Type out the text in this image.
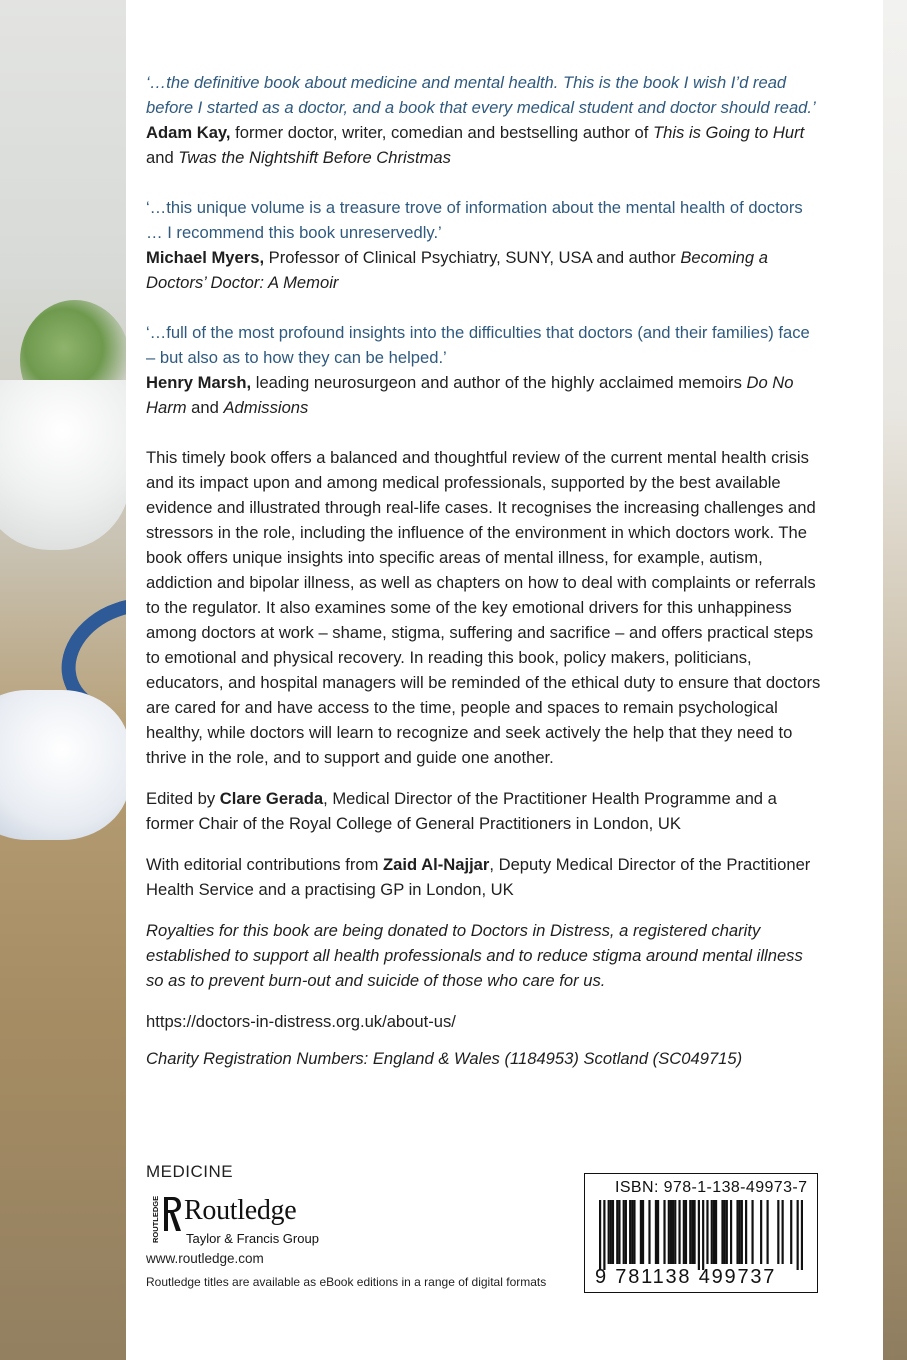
‘…the definitive book about medicine and mental health. This is the book I wish I’d read before I started as a doctor, and a book that every medical student and doctor should read.’

Adam Kay, former doctor, writer, comedian and bestselling author of This is Going to Hurt and Twas the Nightshift Before Christmas

‘…this unique volume is a treasure trove of information about the mental health of doctors … I recommend this book unreservedly.’

Michael Myers, Professor of Clinical Psychiatry, SUNY, USA and author Becoming a Doctors’ Doctor: A Memoir

‘…full of the most profound insights into the difficulties that doctors (and their families) face – but also as to how they can be helped.’

Henry Marsh, leading neurosurgeon and author of the highly acclaimed memoirs Do No Harm and Admissions

This timely book offers a balanced and thoughtful review of the current mental health crisis and its impact upon and among medical professionals, supported by the best available evidence and illustrated through real-life cases. It recognises the increasing challenges and stressors in the role, including the influence of the environment in which doctors work. The book offers unique insights into specific areas of mental illness, for example, autism, addiction and bipolar illness, as well as chapters on how to deal with complaints or referrals to the regulator. It also examines some of the key emotional drivers for this unhappiness among doctors at work – shame, stigma, suffering and sacrifice – and offers practical steps to emotional and physical recovery. In reading this book, policy makers, politicians, educators, and hospital managers will be reminded of the ethical duty to ensure that doctors are cared for and have access to the time, people and spaces to remain psychological healthy, while doctors will learn to recognize and seek actively the help that they need to thrive in the role, and to support and guide one another.

Edited by Clare Gerada, Medical Director of the Practitioner Health Programme and a former Chair of the Royal College of General Practitioners in London, UK

With editorial contributions from Zaid Al-Najjar, Deputy Medical Director of the Practitioner Health Service and a practising GP in London, UK

Royalties for this book are being donated to Doctors in Distress, a registered charity established to support all health professionals and to reduce stigma around mental illness so as to prevent burn-out and suicide of those who care for us.

https://doctors-in-distress.org.uk/about-us/

Charity Registration Numbers: England & Wales (1184953) Scotland (SC049715)

MEDICINE
ROUTLEDGE Routledge
Taylor & Francis Group
www.routledge.com
Routledge titles are available as eBook editions in a range of digital formats
ISBN: 978-1-138-49973-7
9 781138 499737
